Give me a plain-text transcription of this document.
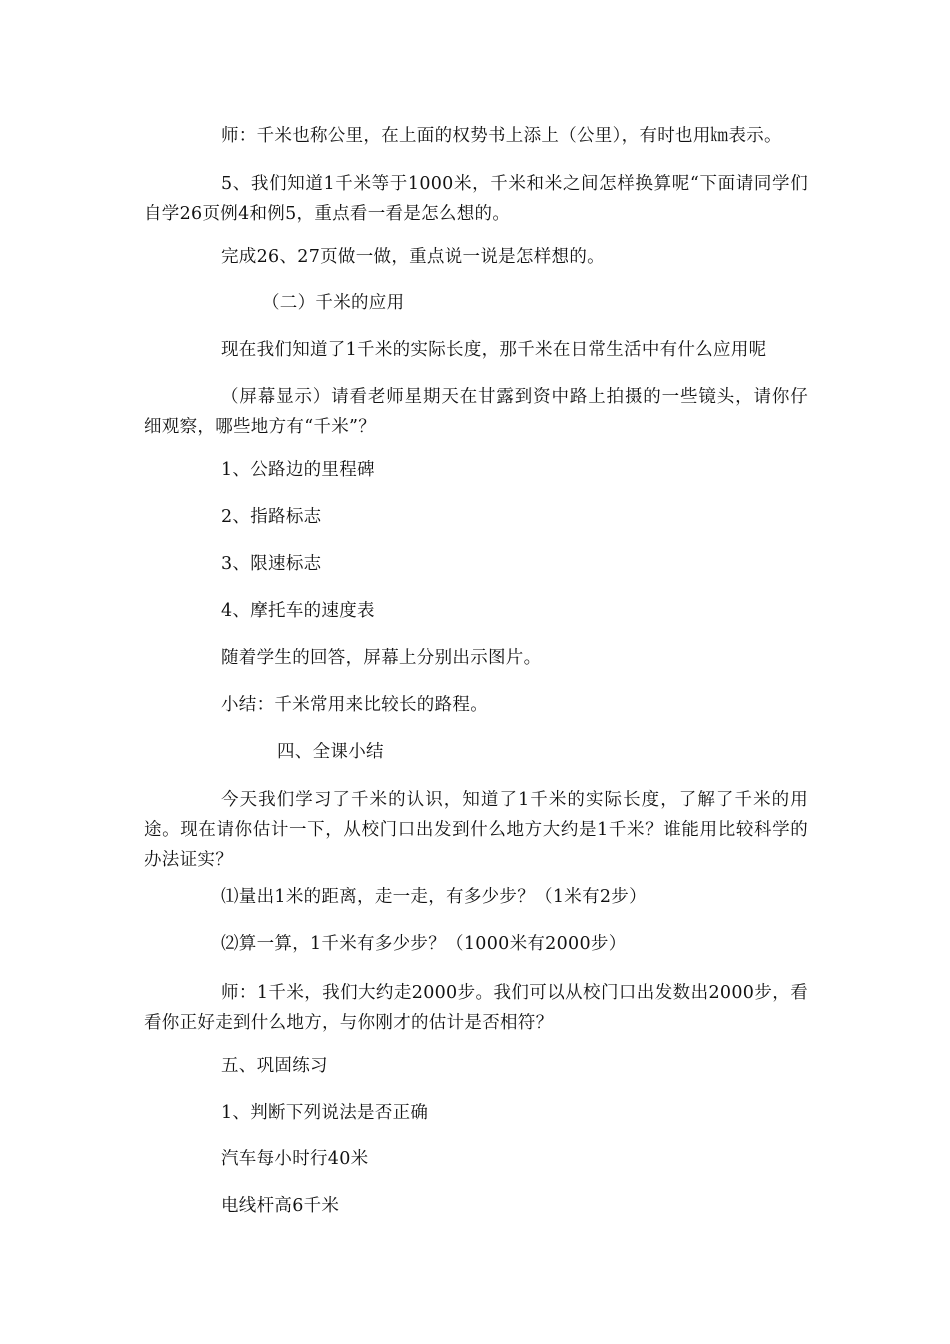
师：千米也称公里，在上面的权势书上添上（公里），有时也用㎞表示。
5、我们知道1千米等于1000米，千米和米之间怎样换算呢“下面请同学们自学26页例4和例5，重点看一看是怎么想的。
完成26、27页做一做，重点说一说是怎样想的。
（二）千米的应用
现在我们知道了1千米的实际长度，那千米在日常生活中有什么应用呢
（屏幕显示）请看老师星期天在甘露到资中路上拍摄的一些镜头，请你仔细观察，哪些地方有“千米”？
1、公路边的里程碑
2、指路标志
3、限速标志
4、摩托车的速度表
随着学生的回答，屏幕上分别出示图片。
小结：千米常用来比较长的路程。
四、全课小结
今天我们学习了千米的认识，知道了1千米的实际长度，了解了千米的用途。现在请你估计一下，从校门口出发到什么地方大约是1千米？谁能用比较科学的办法证实？
⑴量出1米的距离，走一走，有多少步？（1米有2步）
⑵算一算，1千米有多少步？（1000米有2000步）
师：1千米，我们大约走2000步。我们可以从校门口出发数出2000步，看看你正好走到什么地方，与你刚才的估计是否相符？
五、巩固练习
1、判断下列说法是否正确
汽车每小时行40米
电线杆高6千米
